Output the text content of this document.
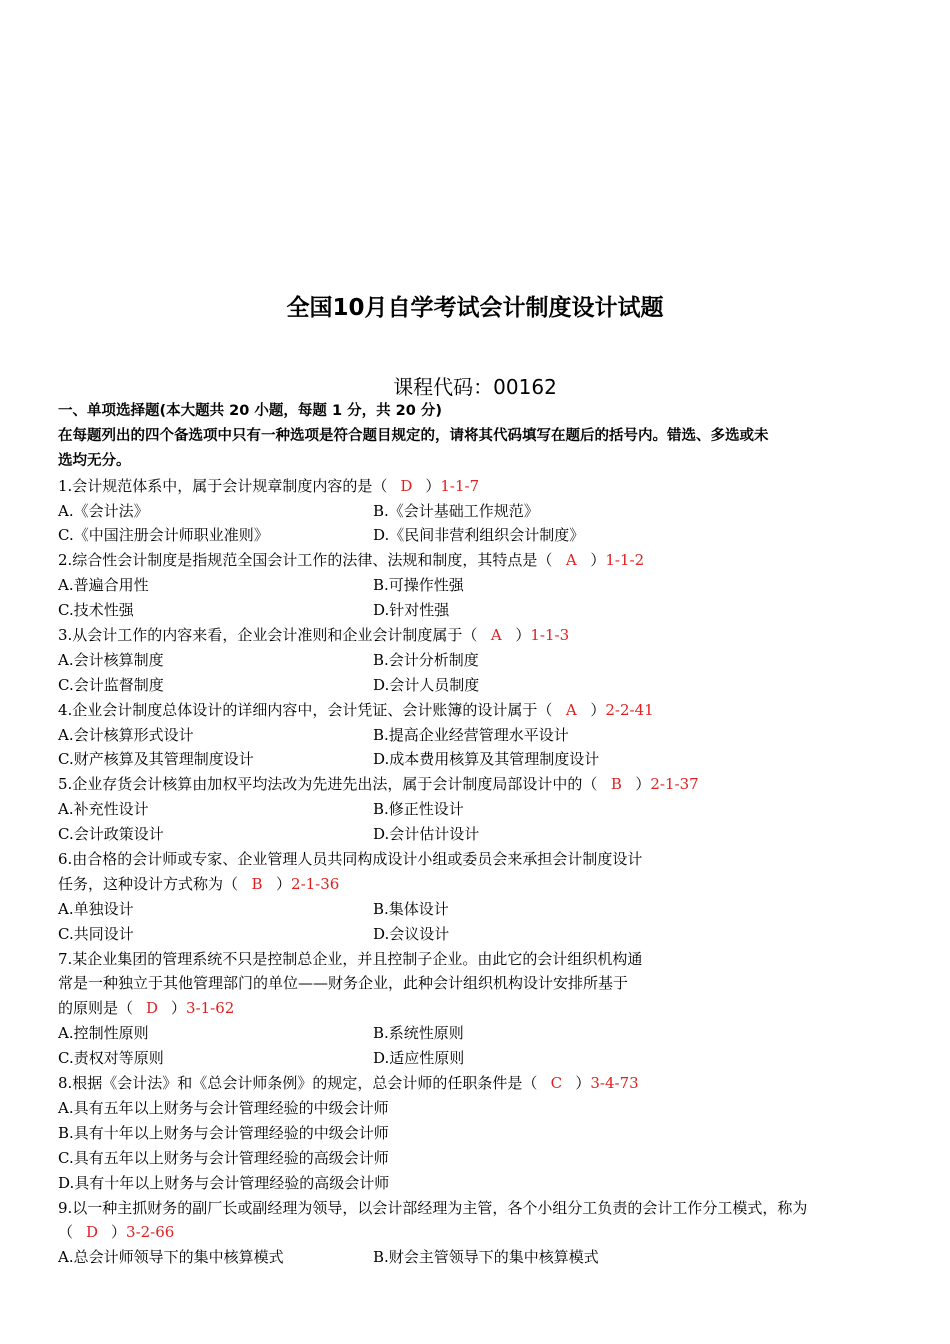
全国10月自学考试会计制度设计试题
课程代码：00162
一、单项选择题(本大题共 20 小题，每题 1 分，共 20 分)
在每题列出的四个备选项中只有一种选项是符合题目规定的，请将其代码填写在题后的括号内。错选、多选或未
选均无分。
1.会计规范体系中，属于会计规章制度内容的是（ D ）1-1-7
A.《会计法》	B.《会计基础工作规范》
C.《中国注册会计师职业准则》	D.《民间非营利组织会计制度》
2.综合性会计制度是指规范全国会计工作的法律、法规和制度，其特点是（ A ）1-1-2
A.普遍合用性	B.可操作性强
C.技术性强	D.针对性强
3.从会计工作的内容来看，企业会计准则和企业会计制度属于（ A ）1-1-3
A.会计核算制度	B.会计分析制度
C.会计监督制度	D.会计人员制度
4.企业会计制度总体设计的详细内容中，会计凭证、会计账簿的设计属于（ A ）2-2-41
A.会计核算形式设计	B.提高企业经营管理水平设计
C.财产核算及其管理制度设计	D.成本费用核算及其管理制度设计
5.企业存货会计核算由加权平均法改为先进先出法，属于会计制度局部设计中的（ B ）2-1-37
A.补充性设计	B.修正性设计
C.会计政策设计	D.会计估计设计
6.由合格的会计师或专家、企业管理人员共同构成设计小组或委员会来承担会计制度设计
任务，这种设计方式称为（ B ）2-1-36
A.单独设计	B.集体设计
C.共同设计	D.会议设计
7.某企业集团的管理系统不只是控制总企业，并且控制子企业。由此它的会计组织机构通
常是一种独立于其他管理部门的单位——财务企业，此种会计组织机构设计安排所基于
的原则是（ D ）3-1-62
A.控制性原则	B.系统性原则
C.责权对等原则	D.适应性原则
8.根据《会计法》和《总会计师条例》的规定，总会计师的任职条件是（ C ）3-4-73
A.具有五年以上财务与会计管理经验的中级会计师
B.具有十年以上财务与会计管理经验的中级会计师
C.具有五年以上财务与会计管理经验的高级会计师
D.具有十年以上财务与会计管理经验的高级会计师
9.以一种主抓财务的副厂长或副经理为领导，以会计部经理为主管，各个小组分工负责的会计工作分工模式，称为
（ D ）3-2-66
A.总会计师领导下的集中核算模式	B.财会主管领导下的集中核算模式
